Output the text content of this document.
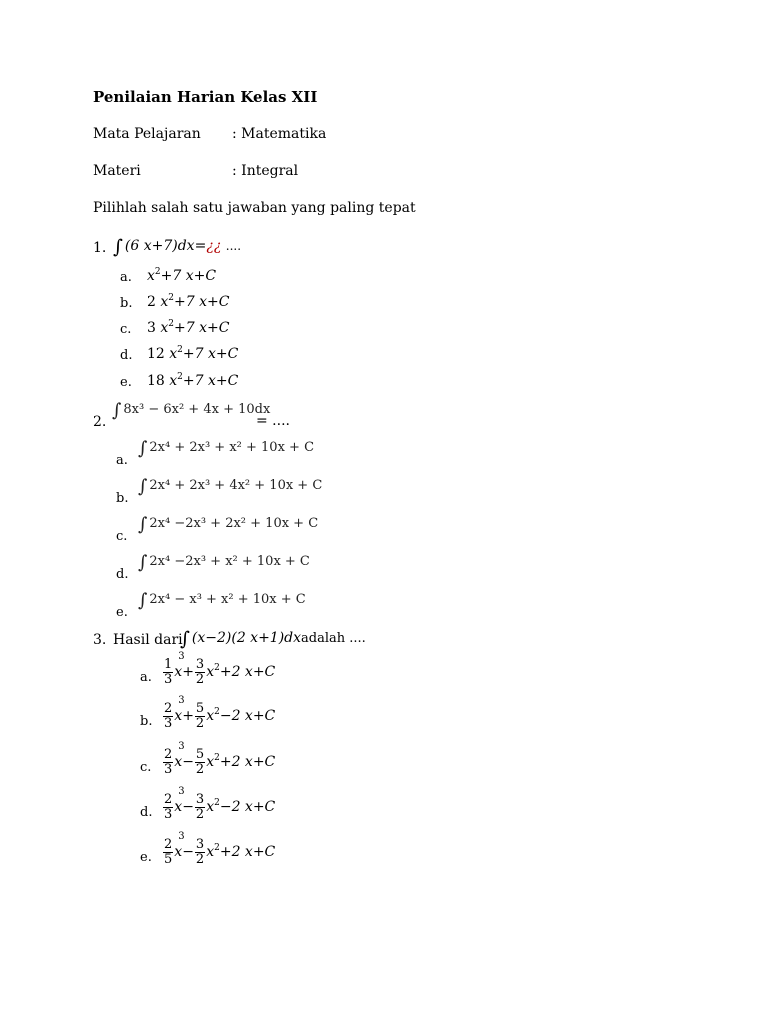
Penilaian Harian Kelas XII
Mata Pelajaran : Matematika
Materi	: Integral
Pilihlah salah satu jawaban yang paling tepat
1. ∫ (6 x+7)dx=¿¿ ....
a. $x^2+7$ x+C
b. 2 $x^2+7$ x+C
c. 3 $x^2+7$ x+C
d. 12 $x^2+7$ x+C
e. 18 $x^2+7$ x+C
2.
∫ 8x³ − 6x² + 4x + 10dx
= ....
a.
∫ 2x⁴ + 2x³ + x² + 10x + C
b.
∫ 2x⁴ + 2x³ + 4x² + 10x + C
c.
∫ 2x⁴ −2x³ + 2x² + 10x + C
d.
∫ 2x⁴ −2x³ + x² + 10x + C
e.
∫ 2x⁴ − x³ + x² + 10x + C
3. Hasil dari
∫ (x−2)(2 x+1)dxadalah ....
a. $\frac{1}{3}$ x
3
+ $\frac{3}{2} x^2+2$ x+C
b. $\frac{2}{3}$ x
3
+ $\frac{5}{2} x^2-2$ x+C
c. $\frac{2}{3}$ x
3
− $\frac{5}{2} x^2+2$ x+C
d. $\frac{2}{3}$ x
3
− $\frac{3}{2} x^2-2$ x+C
e. $\frac{2}{5}$ x
3
− $\frac{3}{2} x^2+2$ x+C
